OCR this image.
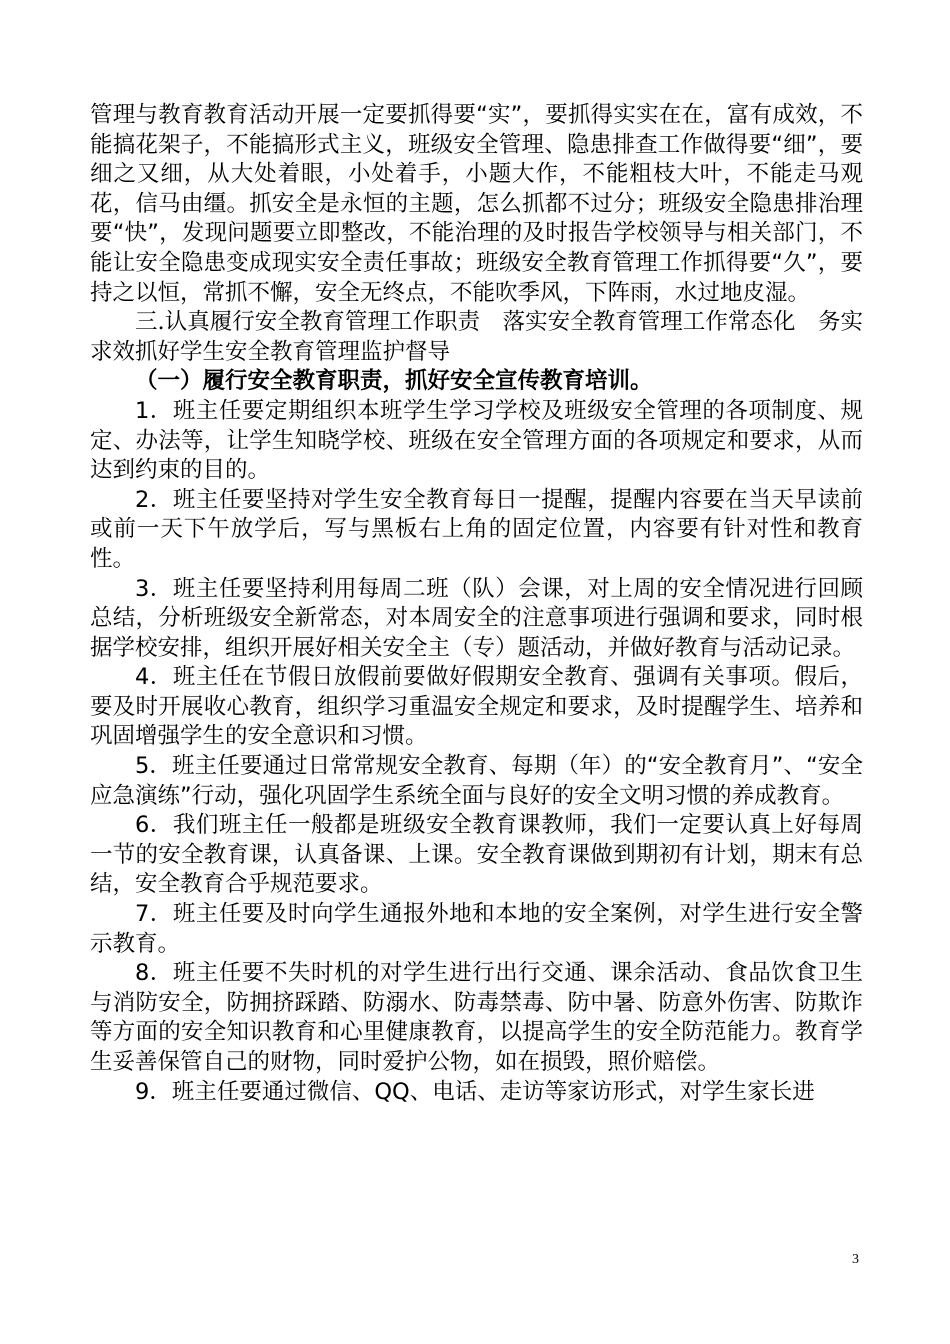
管理与教育教育活动开展一定要抓得要“实”，要抓得实实在在，富有成效，不能搞花架子，不能搞形式主义，班级安全管理、隐患排查工作做得要“细”，要细之又细，从大处着眼，小处着手，小题大作，不能粗枝大叶，不能走马观花，信马由缰。抓安全是永恒的主题，怎么抓都不过分；班级安全隐患排治理要“快”，发现问题要立即整改，不能治理的及时报告学校领导与相关部门，不能让安全隐患变成现实安全责任事故；班级安全教育管理工作抓得要“久”，要持之以恒，常抓不懈，安全无终点，不能吹季风，下阵雨，水过地皮湿。

三.认真履行安全教育管理工作职责　落实安全教育管理工作常态化　务实求效抓好学生安全教育管理监护督导

（一）履行安全教育职责，抓好安全宣传教育培训。

1．班主任要定期组织本班学生学习学校及班级安全管理的各项制度、规定、办法等，让学生知晓学校、班级在安全管理方面的各项规定和要求，从而达到约束的目的。

2．班主任要坚持对学生安全教育每日一提醒，提醒内容要在当天早读前或前一天下午放学后，写与黑板右上角的固定位置，内容要有针对性和教育性。

3．班主任要坚持利用每周二班（队）会课，对上周的安全情况进行回顾总结，分析班级安全新常态，对本周安全的注意事项进行强调和要求，同时根据学校安排，组织开展好相关安全主（专）题活动，并做好教育与活动记录。

4．班主任在节假日放假前要做好假期安全教育、强调有关事项。假后，要及时开展收心教育，组织学习重温安全规定和要求，及时提醒学生、培养和巩固增强学生的安全意识和习惯。

5．班主任要通过日常常规安全教育、每期（年）的“安全教育月”、“安全应急演练”行动，强化巩固学生系统全面与良好的安全文明习惯的养成教育。

6．我们班主任一般都是班级安全教育课教师，我们一定要认真上好每周一节的安全教育课，认真备课、上课。安全教育课做到期初有计划，期末有总结，安全教育合乎规范要求。

7．班主任要及时向学生通报外地和本地的安全案例，对学生进行安全警示教育。

8．班主任要不失时机的对学生进行出行交通、课余活动、食品饮食卫生与消防安全，防拥挤踩踏、防溺水、防毒禁毒、防中暑、防意外伤害、防欺诈等方面的安全知识教育和心里健康教育，以提高学生的安全防范能力。教育学生妥善保管自己的财物，同时爱护公物，如在损毁，照价赔偿。

9．班主任要通过微信、QQ、电话、走访等家访形式，对学生家长进

3
